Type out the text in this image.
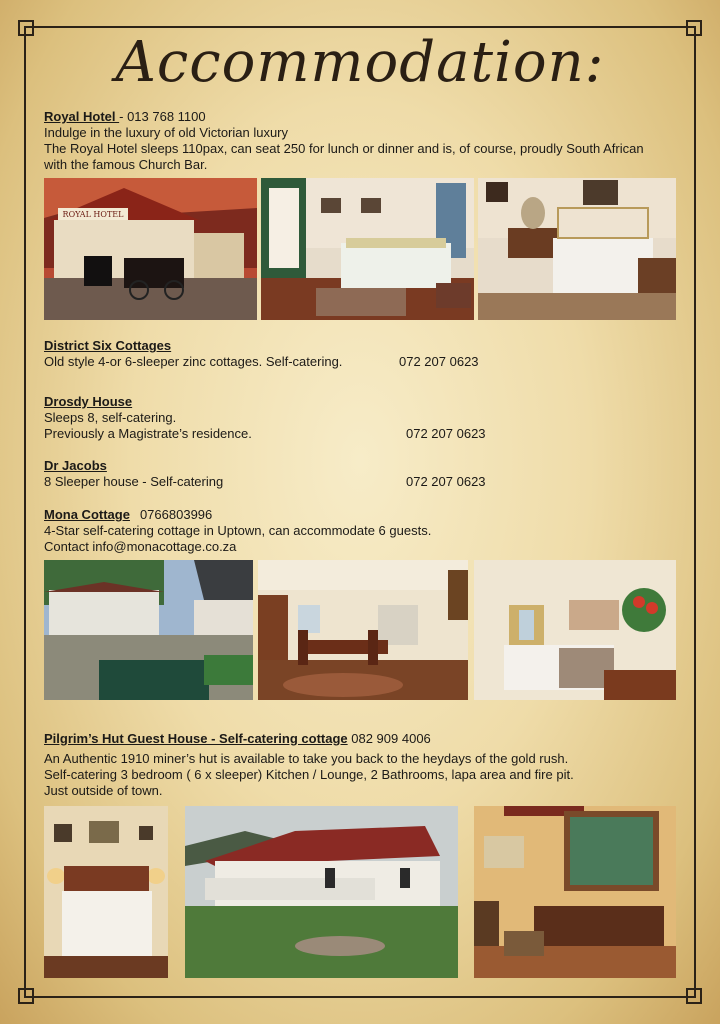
Accommodation:
Royal Hotel - 013 768 1100
Indulge in the luxury of old Victorian luxury
The Royal Hotel sleeps 110pax, can seat 250 for lunch or dinner and is, of course, proudly South African
with the famous Church Bar.
ROYAL HOTEL
District Six Cottages
Old style 4-or 6-sleeper zinc cottages. Self-catering.	072 207 0623
Drosdy House
Sleeps 8, self-catering.
Previously a Magistrate’s residence.	072 207 0623
Dr Jacobs
8 Sleeper house - Self-catering	072 207 0623
Mona Cottage 0766803996
4-Star self-catering cottage in Uptown, can accommodate 6 guests.
Contact info@monacottage.co.za
Pilgrim’s Hut Guest House - Self-catering cottage 082 909 4006
An Authentic 1910 miner’s hut is available to take you back to the heydays of the gold rush.
Self-catering 3 bedroom ( 6 x sleeper) Kitchen / Lounge, 2 Bathrooms, lapa area and fire pit.
Just outside of town.
